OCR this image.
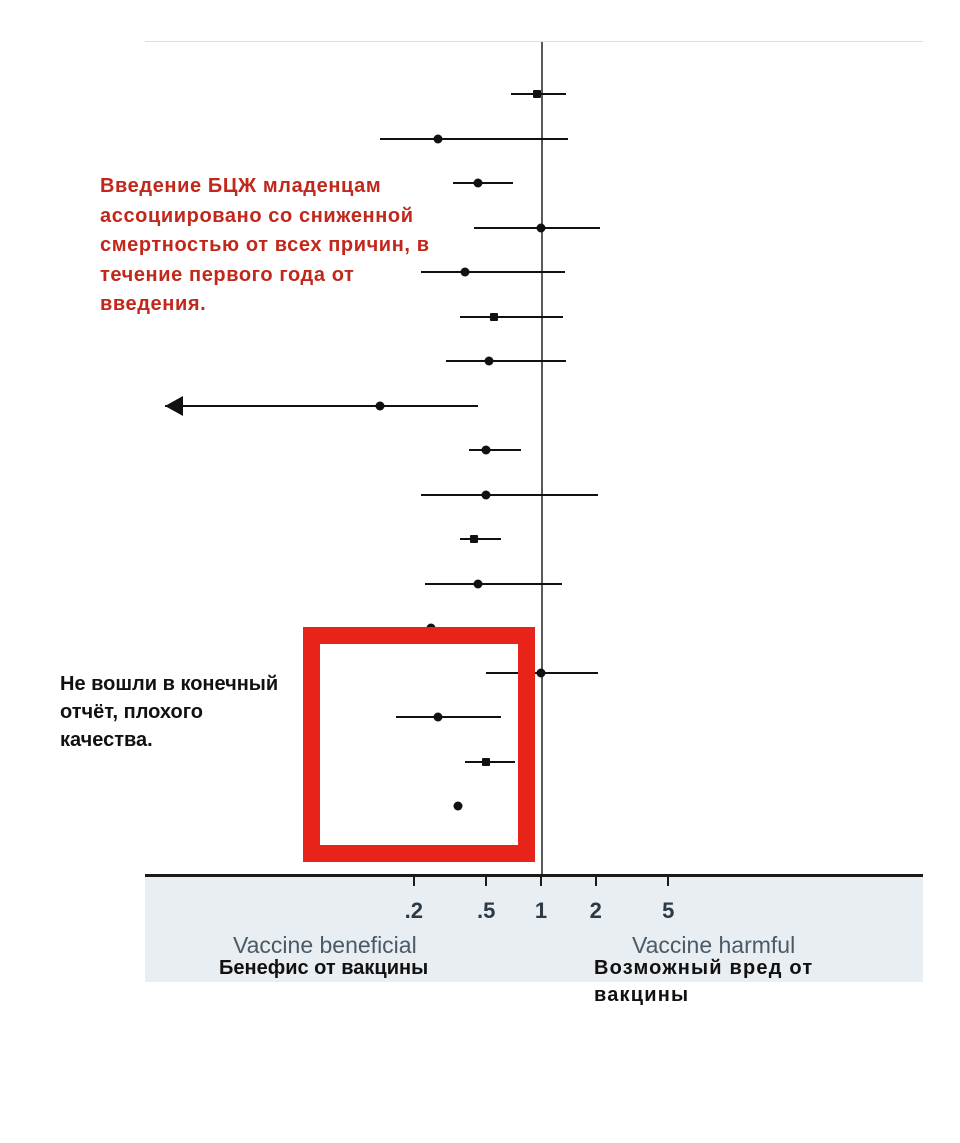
.2 .5 1 2	5
Vaccine beneficial	Vaccine harmful
Бенефис от вакцины	Возможный вред от вакцины
Введение БЦЖ младенцам ассоциировано со сниженной смертностью от всех причин, в течение первого года от введения.
Не вошли в конечный отчёт, плохого качества.
